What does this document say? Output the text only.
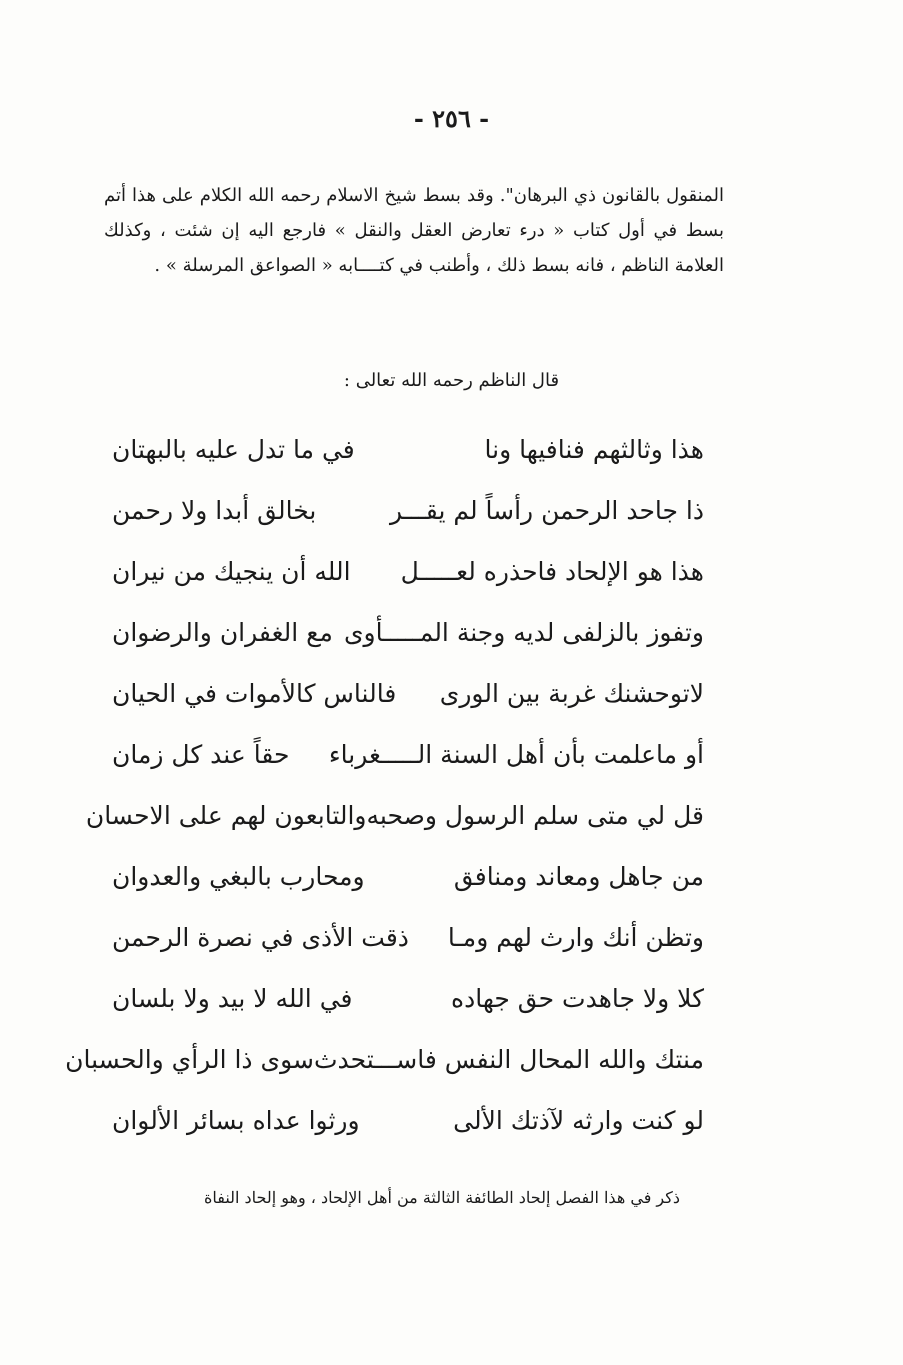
- ٢٥٦ -

المنقول بالقانون ذي البرهان". وقد بسط شيخ الاسلام رحمه الله الكلام على هذا أتم بسط في أول كتاب « درء تعارض العقل والنقل » فارجع اليه إن شئت ، وكذلك العلامة الناظم ، فانه بسط ذلك ، وأطنب في كتــــابه « الصواعق المرسلة » .

قال الناظم رحمه الله تعالى :
هذا وثالثهم فنافيها ونا
في ما تدل عليه بالبهتان
ذا جاحد الرحمن رأساً لم يقـــر
بخالق أبدا ولا رحمن
هذا هو الإلحاد فاحذره لعـــــل
الله أن ينجيك من نيران
وتفوز بالزلفى لديه وجنة المـــــأوى
مع الغفران والرضوان
لاتوحشنك غربة بين الورى
فالناس كالأموات في الحيان
أو ماعلمت بأن أهل السنة الـــــغرباء
حقاً عند كل زمان
قل لي متى سلم الرسول وصحبه
والتابعون لهم على الاحسان
من جاهل ومعاند ومنافق
ومحارب بالبغي والعدوان
وتظن أنك وارث لهم ومـا
ذقت الأذى في نصرة الرحمن
كلا ولا جاهدت حق جهاده
في الله لا بيد ولا بلسان
منتك والله المحال النفس فاســـتحدث
سوى ذا الرأي والحسبان
لو كنت وارثه لآذتك الألى
ورثوا عداه بسائر الألوان
ذكر في هذا الفصل إلحاد الطائفة الثالثة من أهل الإلحاد ، وهو إلحاد النفاة
